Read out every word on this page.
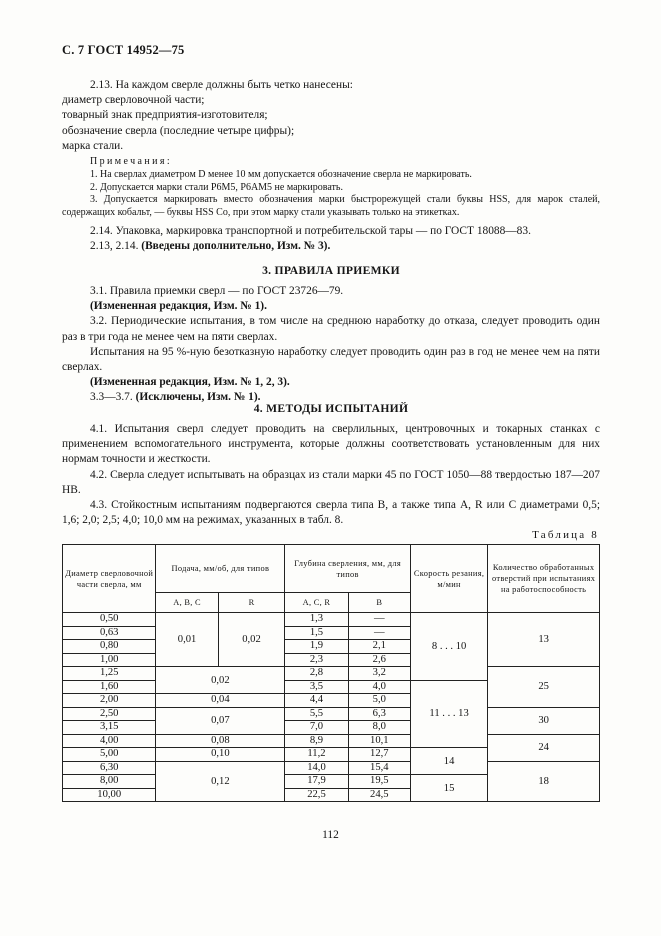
С. 7 ГОСТ 14952—75

2.13. На каждом сверле должны быть четко нанесены:

диаметр сверловочной части;

товарный знак предприятия-изготовителя;

обозначение сверла (последние четыре цифры);

марка стали.

Примечания:

1. На сверлах диаметром D менее 10 мм допускается обозначение сверла не маркировать.

2. Допускается марки стали Р6М5, Р6АМ5 не маркировать.

3. Допускается маркировать вместо обозначения марки быстрорежущей стали буквы HSS, для марок сталей, содержащих кобальт, — буквы HSS Co, при этом марку стали указывать только на этикетках.

2.14. Упаковка, маркировка транспортной и потребительской тары — по ГОСТ 18088—83.

2.13, 2.14. (Введены дополнительно, Изм. № 3).

3. ПРАВИЛА ПРИЕМКИ

3.1. Правила приемки сверл — по ГОСТ 23726—79.

(Измененная редакция, Изм. № 1).

3.2. Периодические испытания, в том числе на среднюю наработку до отказа, следует проводить один раз в три года не менее чем на пяти сверлах.

Испытания на 95 %-ную безотказную наработку следует проводить один раз в год не менее чем на пяти сверлах.

(Измененная редакция, Изм. № 1, 2, 3).

3.3—3.7. (Исключены, Изм. № 1).

4. МЕТОДЫ ИСПЫТАНИЙ

4.1. Испытания сверл следует проводить на сверлильных, центровочных и токарных станках с применением вспомогательного инструмента, которые должны соответствовать установленным для них нормам точности и жесткости.

4.2. Сверла следует испытывать на образцах из стали марки 45 по ГОСТ 1050—88 твердостью 187—207 НВ.

4.3. Стойкостным испытаниям подвергаются сверла типа В, а также типа А, R или С диаметрами 0,5; 1,6; 2,0; 2,5; 4,0; 10,0 мм на режимах, указанных в табл. 8.

Таблица 8
Диаметр сверловочной части сверла, мм	Подача, мм/об, для типов		Глубина сверления, мм, для типов		Скорость резания, м/мин	Количество обработанных отверстий при испытаниях на работоспособность
	А, В, С	R	А, С, R	В		
0,50	0,01	0,02	1,3	—	8 . . . 10	13
0,63			1,5	—		
0,80			1,9	2,1		
1,00			2,3	2,6		
1,25	0,02		2,8	3,2		25
1,60			3,5	4,0	11 . . . 13	
2,00	0,04		4,4	5,0		
2,50	0,07		5,5	6,3		30
3,15			7,0	8,0		
4,00	0,08		8,9	10,1		24
5,00	0,10		11,2	12,7	14	
6,30	0,12		14,0	15,4		18
8,00			17,9	19,5	15	
10,00			22,5	24,5		
112
